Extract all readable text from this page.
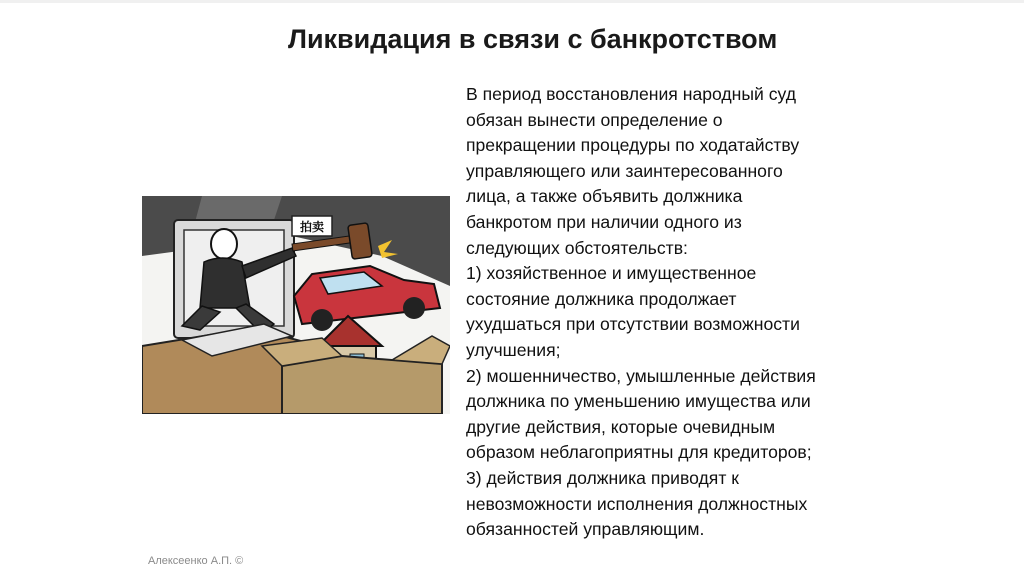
Ликвидация в связи с банкротством
拍卖

В период восстановления народный суд

обязан вынести определение о

прекращении процедуры по ходатайству

управляющего или заинтересованного

лица, а также объявить должника

банкротом при наличии одного из

следующих обстоятельств:

1) хозяйственное и имущественное

состояние должника продолжает

ухудшаться при отсутствии возможности

улучшения;

2) мошенничество, умышленные действия

должника по уменьшению имущества или

другие действия, которые очевидным

образом неблагоприятны для кредиторов;

3) действия должника приводят к

невозможности исполнения должностных

обязанностей управляющим.

Алексеенко А.П. ©
